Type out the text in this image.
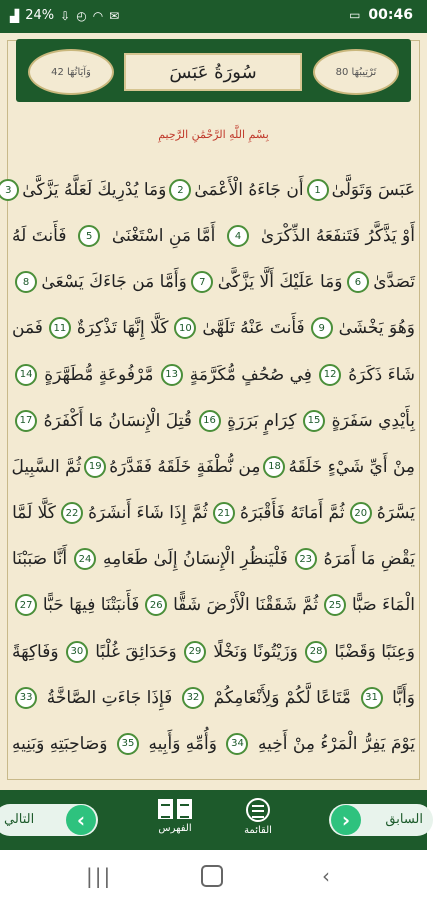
▟ 24% ⇩ ◴ ◠ ✉	▭ 00:46
وَآيَاتُهَا 42	سُورَةُ عَبَسَ	تَرْتِيبُهَا 80
بِسْمِ اللَّهِ الرَّحْمَٰنِ الرَّحِيمِ
عَبَسَ وَتَوَلَّىٰ
1
أَن جَاءَهُ الْأَعْمَىٰ
2
وَمَا يُدْرِيكَ لَعَلَّهُ يَزَّكَّىٰ
3
أَوْ يَذَّكَّرُ فَتَنفَعَهُ الذِّكْرَىٰ
4
أَمَّا مَنِ اسْتَغْنَىٰ
5
فَأَنتَ لَهُ
تَصَدَّىٰ
6
وَمَا عَلَيْكَ أَلَّا يَزَّكَّىٰ
7
وَأَمَّا مَن جَاءَكَ يَسْعَىٰ
8
وَهُوَ يَخْشَىٰ
9
فَأَنتَ عَنْهُ تَلَهَّىٰ
10
كَلَّا إِنَّهَا تَذْكِرَةٌ
11
فَمَن
شَاءَ ذَكَرَهُ
12
فِي صُحُفٍ مُّكَرَّمَةٍ
13
مَّرْفُوعَةٍ مُّطَهَّرَةٍ
14
بِأَيْدِي سَفَرَةٍ
15
كِرَامٍ بَرَرَةٍ
16
قُتِلَ الْإِنسَانُ مَا أَكْفَرَهُ
17
مِنْ أَيِّ شَيْءٍ خَلَقَهُ
18
مِن نُّطْفَةٍ خَلَقَهُ فَقَدَّرَهُ
19
ثُمَّ السَّبِيلَ
يَسَّرَهُ
20
ثُمَّ أَمَاتَهُ فَأَقْبَرَهُ
21
ثُمَّ إِذَا شَاءَ أَنشَرَهُ
22
كَلَّا لَمَّا
يَقْضِ مَا أَمَرَهُ
23
فَلْيَنظُرِ الْإِنسَانُ إِلَىٰ طَعَامِهِ
24
أَنَّا صَبَبْنَا
الْمَاءَ صَبًّا
25
ثُمَّ شَقَقْنَا الْأَرْضَ شَقًّا
26
فَأَنبَتْنَا فِيهَا حَبًّا
27
وَعِنَبًا وَقَضْبًا
28
وَزَيْتُونًا وَنَخْلًا
29
وَحَدَائِقَ غُلْبًا
30
وَفَاكِهَةً
وَأَبًّا
31
مَّتَاعًا لَّكُمْ وَلِأَنْعَامِكُمْ
32
فَإِذَا جَاءَتِ الصَّاخَّةُ
33
يَوْمَ يَفِرُّ الْمَرْءُ مِنْ أَخِيهِ
34
وَأُمِّهِ وَأَبِيهِ
35
وَصَاحِبَتِهِ وَبَنِيهِ
التالي	‹	الفهرس	القائمة	›	السابق
|||	‹
